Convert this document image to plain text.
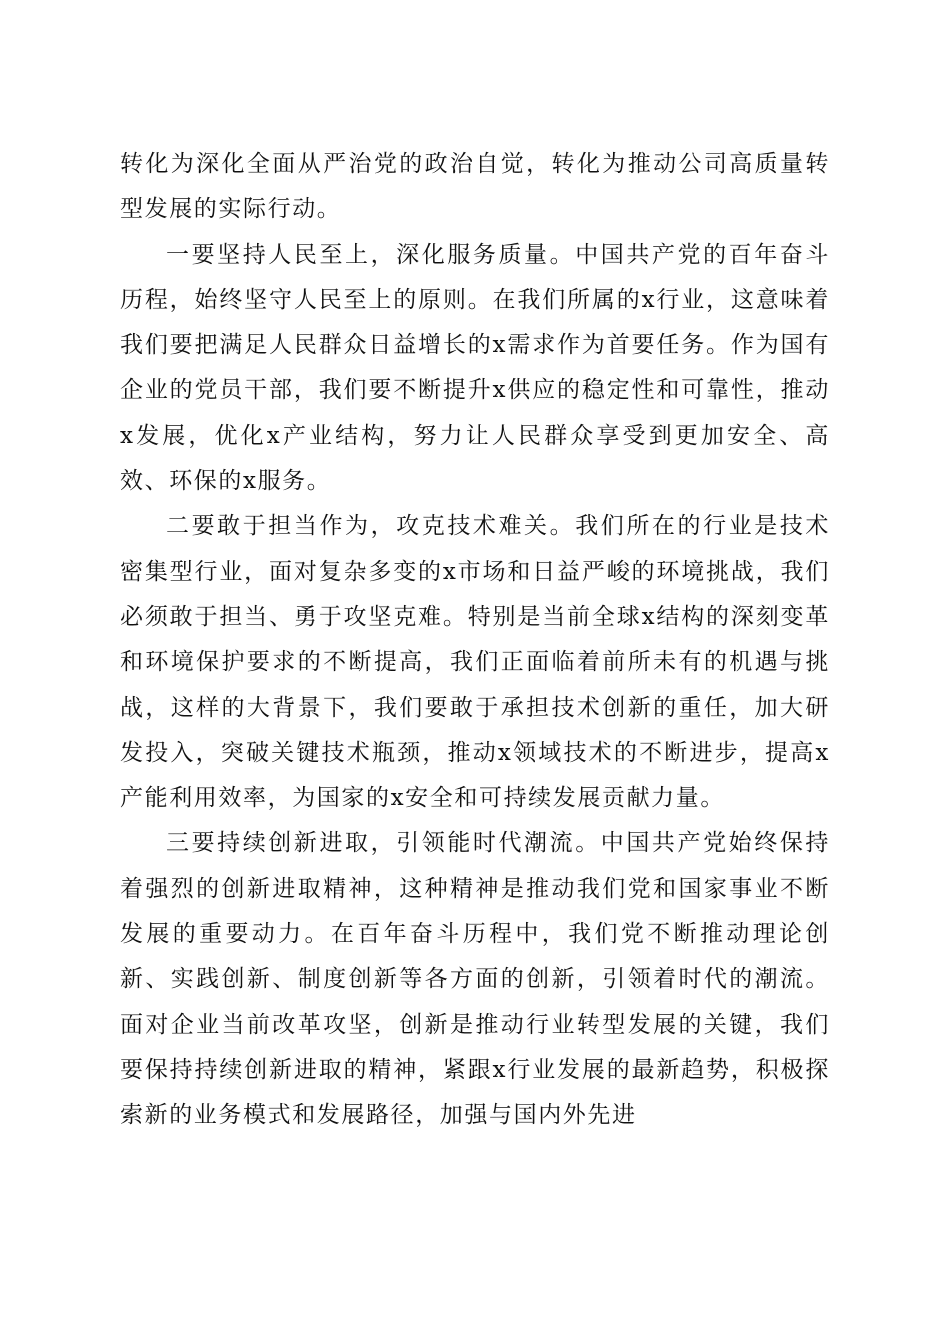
转化为深化全面从严治党的政治自觉，转化为推动公司高质量转型发展的实际行动。

一要坚持人民至上，深化服务质量。中国共产党的百年奋斗历程，始终坚守人民至上的原则。在我们所属的x行业，这意味着我们要把满足人民群众日益增长的x需求作为首要任务。作为国有企业的党员干部，我们要不断提升x供应的稳定性和可靠性，推动x发展，优化x产业结构，努力让人民群众享受到更加安全、高效、环保的x服务。

二要敢于担当作为，攻克技术难关。我们所在的行业是技术密集型行业，面对复杂多变的x市场和日益严峻的环境挑战，我们必须敢于担当、勇于攻坚克难。特别是当前全球x结构的深刻变革和环境保护要求的不断提高，我们正面临着前所未有的机遇与挑战，这样的大背景下，我们要敢于承担技术创新的重任，加大研发投入，突破关键技术瓶颈，推动x领域技术的不断进步，提高x产能利用效率，为国家的x安全和可持续发展贡献力量。

三要持续创新进取，引领能时代潮流。中国共产党始终保持着强烈的创新进取精神，这种精神是推动我们党和国家事业不断发展的重要动力。在百年奋斗历程中，我们党不断推动理论创新、实践创新、制度创新等各方面的创新，引领着时代的潮流。面对企业当前改革攻坚，创新是推动行业转型发展的关键，我们要保持持续创新进取的精神，紧跟x行业发展的最新趋势，积极探索新的业务模式和发展路径，加强与国内外先进
